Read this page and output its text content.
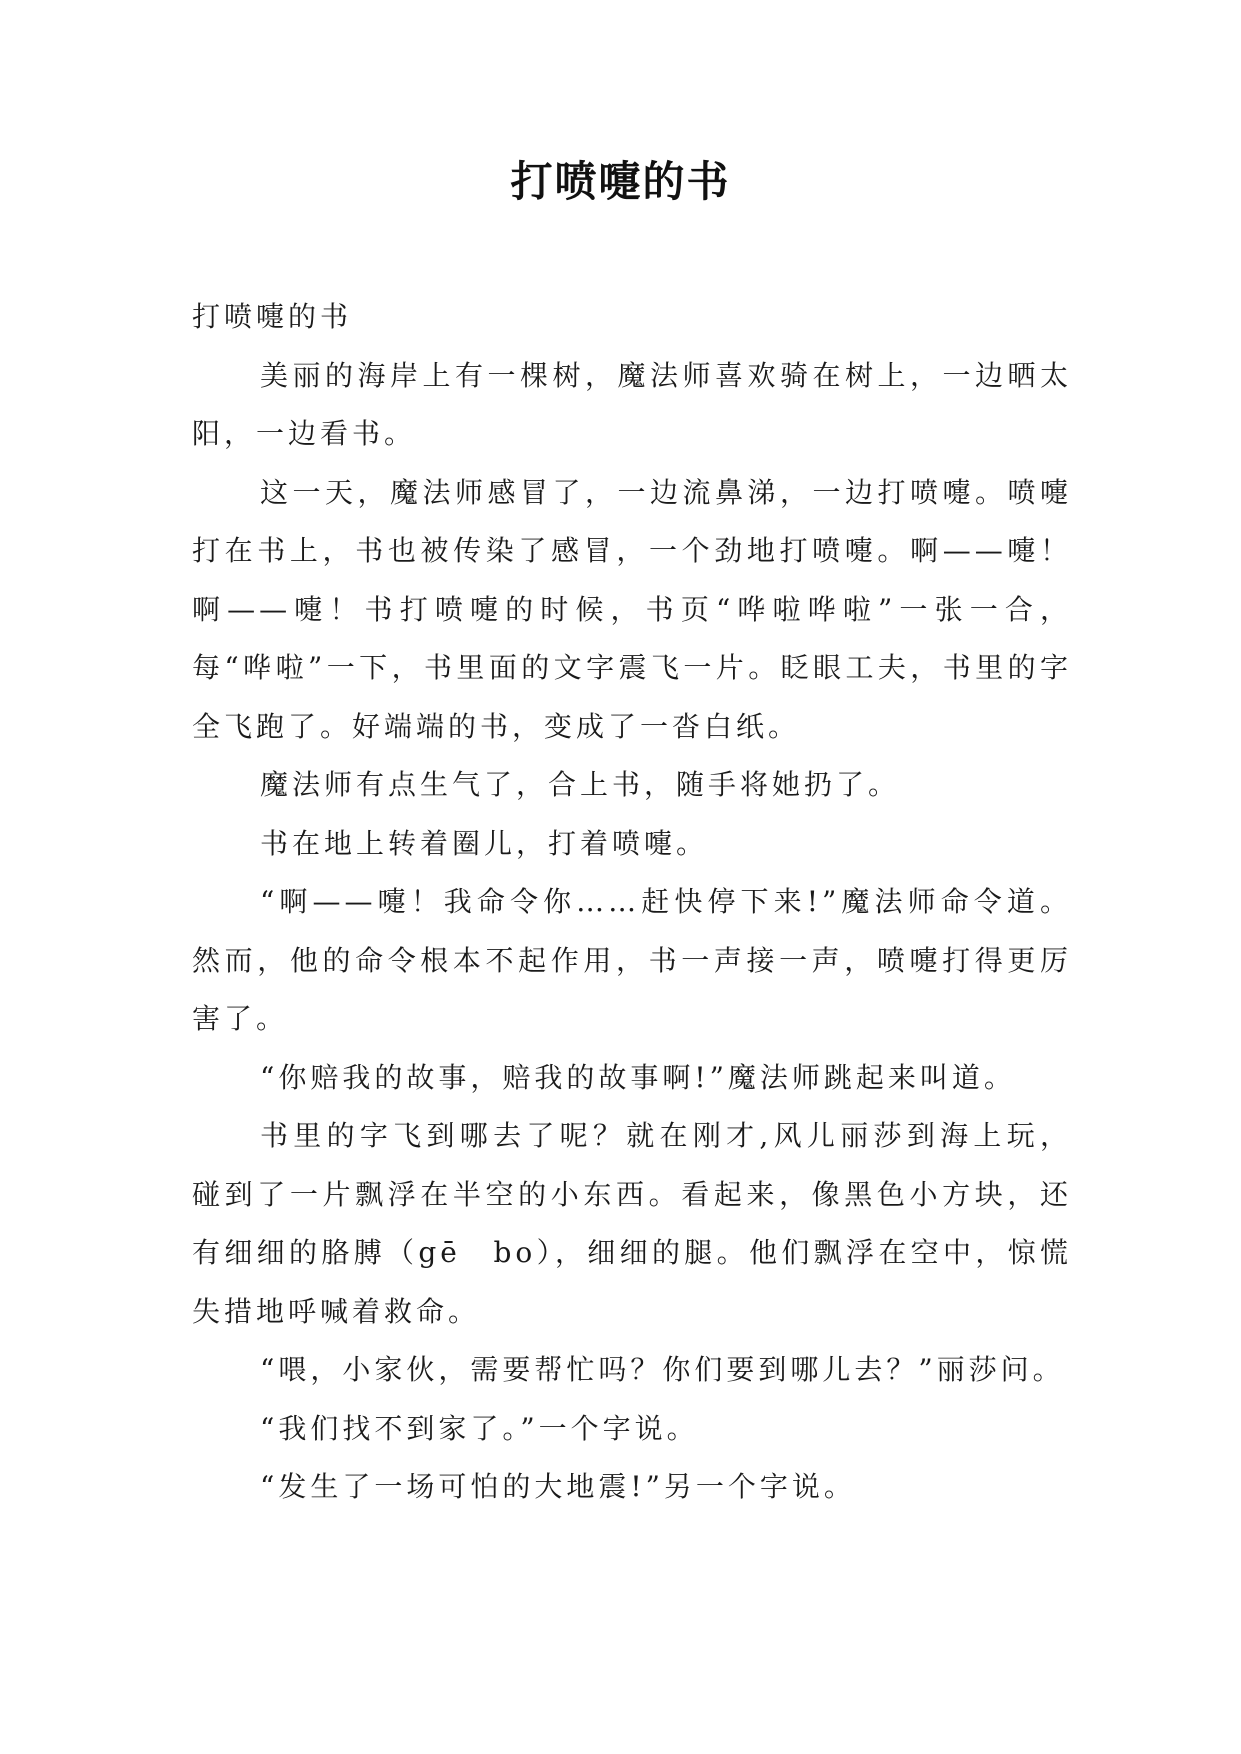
打喷嚏的书

打喷嚏的书

美丽的海岸上有一棵树，魔法师喜欢骑在树上，一边晒太阳，一边看书。

这一天，魔法师感冒了，一边流鼻涕，一边打喷嚏。喷嚏打在书上，书也被传染了感冒，一个劲地打喷嚏。啊——嚏！啊——嚏！书打喷嚏的时候，书页“哗啦哗啦”一张一合，每“哗啦”一下，书里面的文字震飞一片。眨眼工夫，书里的字全飞跑了。好端端的书，变成了一沓白纸。

魔法师有点生气了，合上书，随手将她扔了。

书在地上转着圈儿，打着喷嚏。

“啊——嚏！我命令你……赶快停下来!”魔法师命令道。然而，他的命令根本不起作用，书一声接一声，喷嚏打得更厉害了。

“你赔我的故事，赔我的故事啊!”魔法师跳起来叫道。

书里的字飞到哪去了呢？就在刚才,风儿丽莎到海上玩，碰到了一片飘浮在半空的小东西。看起来，像黑色小方块，还有细细的胳膊（gē　bo），细细的腿。他们飘浮在空中，惊慌失措地呼喊着救命。

“喂，小家伙，需要帮忙吗？你们要到哪儿去？”丽莎问。

“我们找不到家了。”一个字说。

“发生了一场可怕的大地震!”另一个字说。
